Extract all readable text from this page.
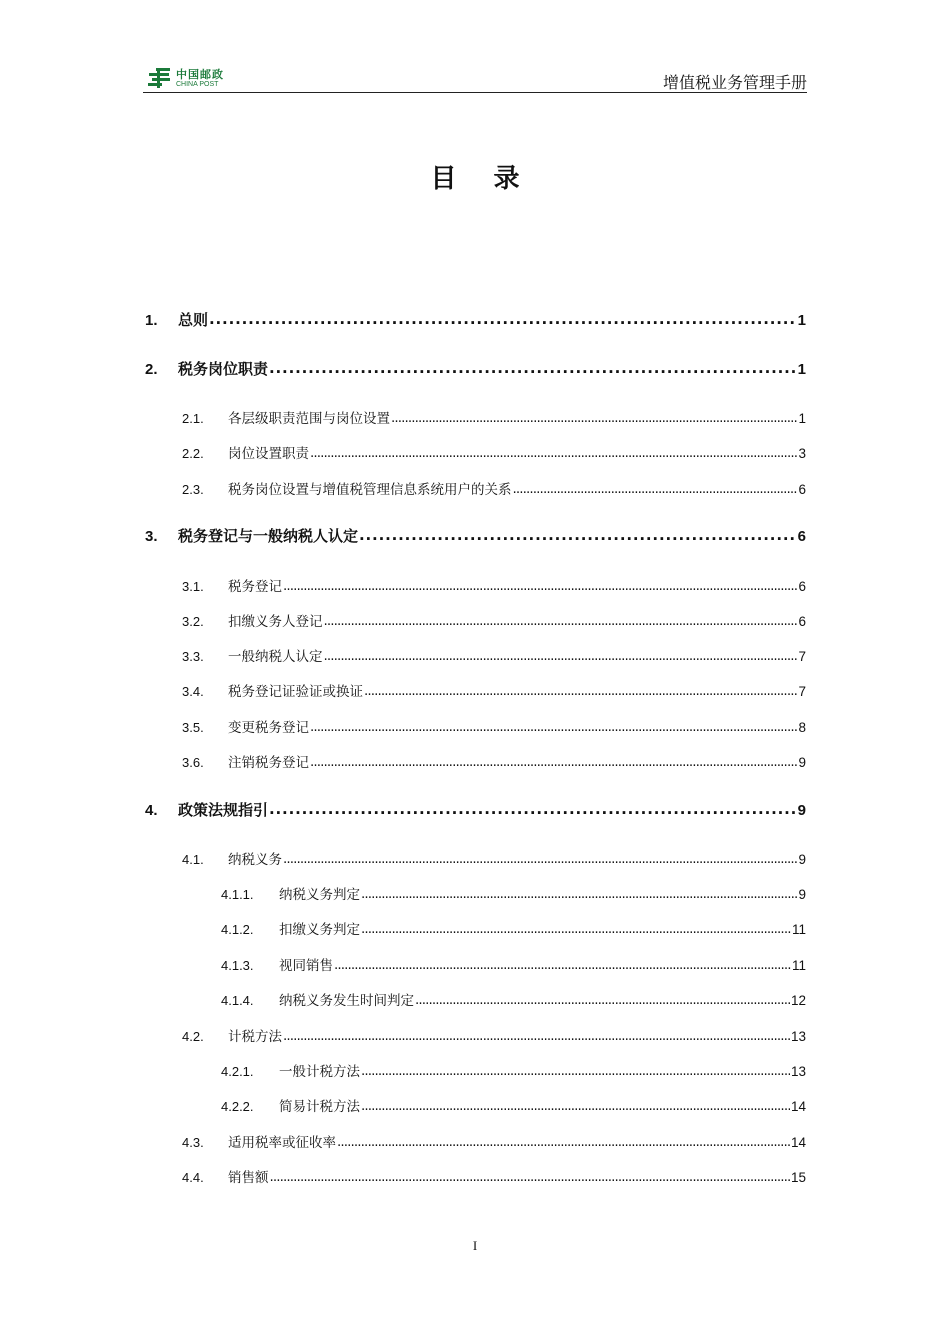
中国邮政
CHINA POST	增值税业务管理手册
目 录
1.	总则 . . .	1
2.	税务岗位职责 . . .	1
2.1.	各层级职责范围与岗位设置 . . .	1
2.2.	岗位设置职责 . . .	3
2.3.	税务岗位设置与增值税管理信息系统用户的关系 . . .	6
3.	税务登记与一般纳税人认定 . . .	6
3.1.	税务登记 . . .	6
3.2.	扣缴义务人登记 . . .	6
3.3.	一般纳税人认定 . . .	7
3.4.	税务登记证验证或换证 . . .	7
3.5.	变更税务登记 . . .	8
3.6.	注销税务登记 . . .	9
4.	政策法规指引 . . .	9
4.1.	纳税义务 . . .	9
4.1.1.	纳税义务判定 . . .	9
4.1.2.	扣缴义务判定 . . .	11
4.1.3.	视同销售 . . .	11
4.1.4.	纳税义务发生时间判定 . . .	12
4.2.	计税方法 . . .	13
4.2.1.	一般计税方法 . . .	13
4.2.2.	简易计税方法 . . .	14
4.3.	适用税率或征收率 . . .	14
4.4.	销售额 . . .	15
I
